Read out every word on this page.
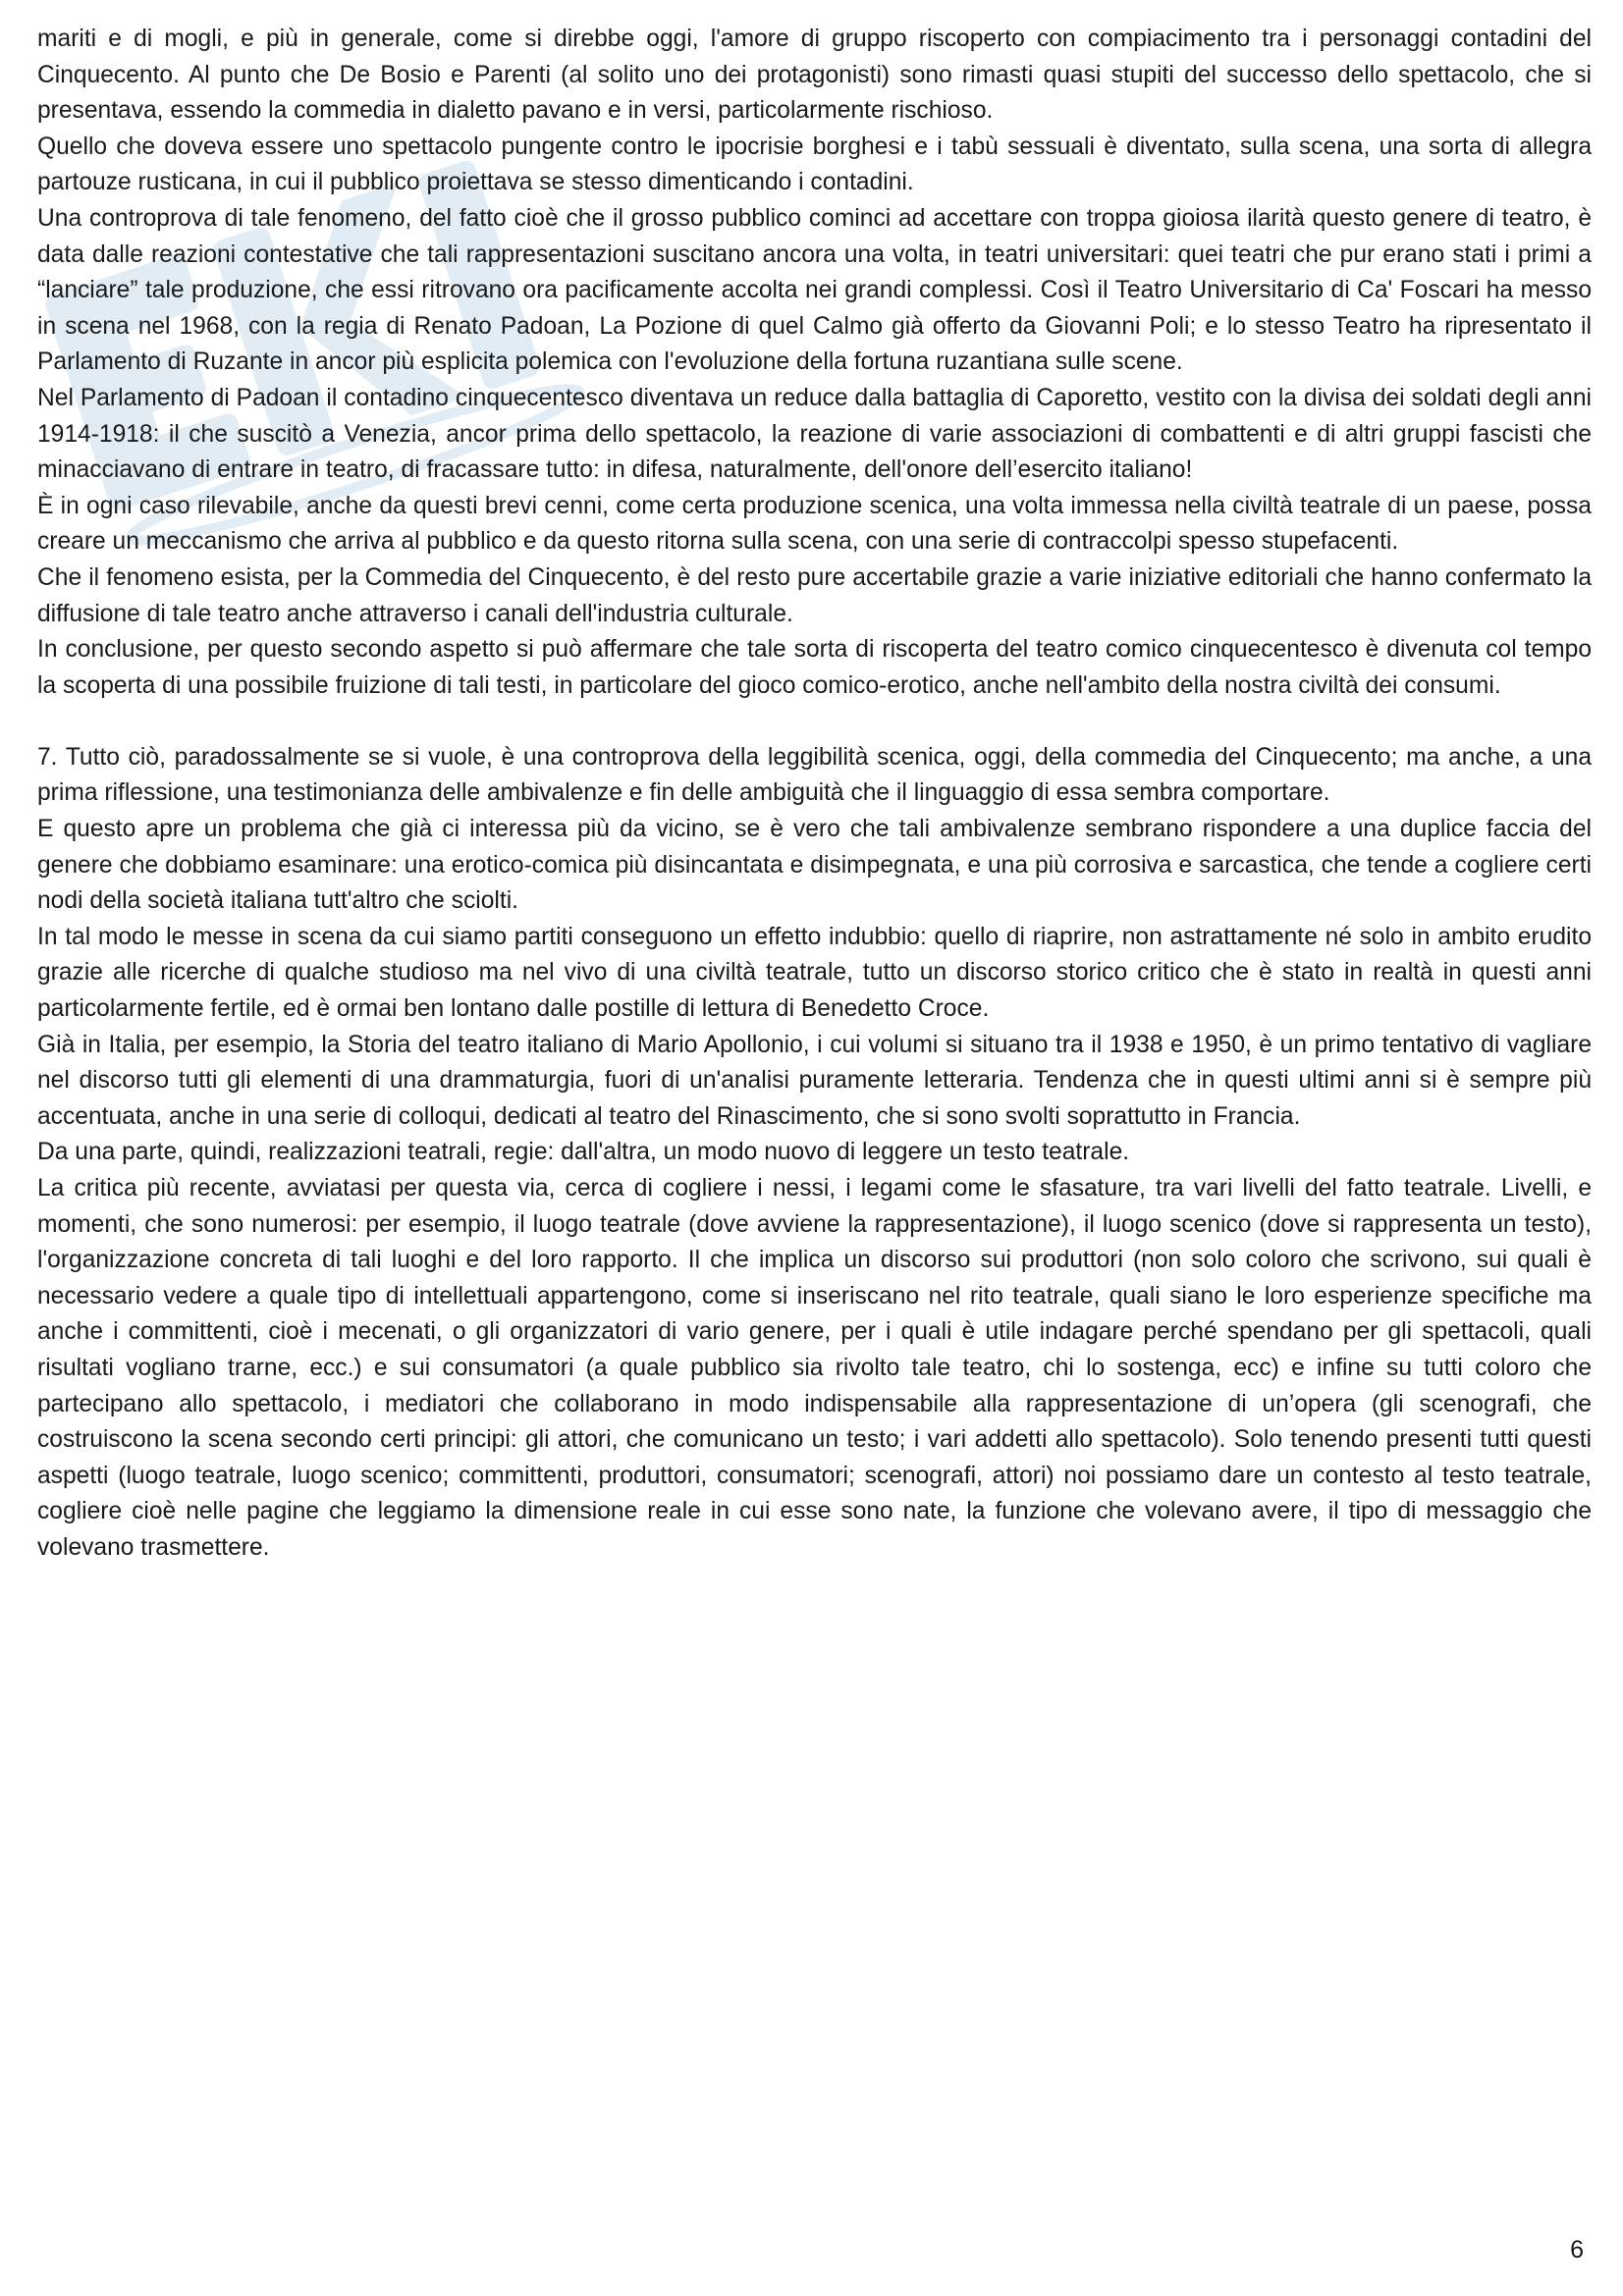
mariti e di mogli, e più in generale, come si direbbe oggi, l'amore di gruppo riscoperto con compiacimento tra i personaggi contadini del Cinquecento. Al punto che De Bosio e Parenti (al solito uno dei protagonisti) sono rimasti quasi stupiti del successo dello spettacolo, che si presentava, essendo la commedia in dialetto pavano e in versi, particolarmente rischioso.

Quello che doveva essere uno spettacolo pungente contro le ipocrisie borghesi e i tabù sessuali è diventato, sulla scena, una sorta di allegra partouze rusticana, in cui il pubblico proiettava se stesso dimenticando i contadini.

Una controprova di tale fenomeno, del fatto cioè che il grosso pubblico cominci ad accettare con troppa gioiosa ilarità questo genere di teatro, è data dalle reazioni contestative che tali rappresentazioni suscitano ancora una volta, in teatri universitari: quei teatri che pur erano stati i primi a “lanciare” tale produzione, che essi ritrovano ora pacificamente accolta nei grandi complessi. Così il Teatro Universitario di Ca' Foscari ha messo in scena nel 1968, con la regia di Renato Padoan, La Pozione di quel Calmo già offerto da Giovanni Poli; e lo stesso Teatro ha ripresentato il Parlamento di Ruzante in ancor più esplicita polemica con l'evoluzione della fortuna ruzantiana sulle scene.

Nel Parlamento di Padoan il contadino cinquecentesco diventava un reduce dalla battaglia di Caporetto, vestito con la divisa dei soldati degli anni 1914-1918: il che suscitò a Venezia, ancor prima dello spettacolo, la reazione di varie associazioni di combattenti e di altri gruppi fascisti che minacciavano di entrare in teatro, di fracassare tutto: in difesa, naturalmente, dell'onore dell’esercito italiano!

È in ogni caso rilevabile, anche da questi brevi cenni, come certa produzione scenica, una volta immessa nella civiltà teatrale di un paese, possa creare un meccanismo che arriva al pubblico e da questo ritorna sulla scena, con una serie di contraccolpi spesso stupefacenti.

Che il fenomeno esista, per la Commedia del Cinquecento, è del resto pure accertabile grazie a varie iniziative editoriali che hanno confermato la diffusione di tale teatro anche attraverso i canali dell'industria culturale.

In conclusione, per questo secondo aspetto si può affermare che tale sorta di riscoperta del teatro comico cinquecentesco è divenuta col tempo la scoperta di una possibile fruizione di tali testi, in particolare del gioco comico-erotico, anche nell'ambito della nostra civiltà dei consumi.

7. Tutto ciò, paradossalmente se si vuole, è una controprova della leggibilità scenica, oggi, della commedia del Cinquecento; ma anche, a una prima riflessione, una testimonianza delle ambivalenze e fin delle ambiguità che il linguaggio di essa sembra comportare.

E questo apre un problema che già ci interessa più da vicino, se è vero che tali ambivalenze sembrano rispondere a una duplice faccia del genere che dobbiamo esaminare: una erotico-comica più disincantata e disimpegnata, e una più corrosiva e sarcastica, che tende a cogliere certi nodi della società italiana tutt'altro che sciolti.

In tal modo le messe in scena da cui siamo partiti conseguono un effetto indubbio: quello di riaprire, non astrattamente né solo in ambito erudito grazie alle ricerche di qualche studioso ma nel vivo di una civiltà teatrale, tutto un discorso storico critico che è stato in realtà in questi anni particolarmente fertile, ed è ormai ben lontano dalle postille di lettura di Benedetto Croce.

Già in Italia, per esempio, la Storia del teatro italiano di Mario Apollonio, i cui volumi si situano tra il 1938 e 1950, è un primo tentativo di vagliare nel discorso tutti gli elementi di una drammaturgia, fuori di un'analisi puramente letteraria. Tendenza che in questi ultimi anni si è sempre più accentuata, anche in una serie di colloqui, dedicati al teatro del Rinascimento, che si sono svolti soprattutto in Francia.

Da una parte, quindi, realizzazioni teatrali, regie: dall'altra, un modo nuovo di leggere un testo teatrale.

La critica più recente, avviatasi per questa via, cerca di cogliere i nessi, i legami come le sfasature, tra vari livelli del fatto teatrale. Livelli, e momenti, che sono numerosi: per esempio, il luogo teatrale (dove avviene la rappresentazione), il luogo scenico (dove si rappresenta un testo), l'organizzazione concreta di tali luoghi e del loro rapporto. Il che implica un discorso sui produttori (non solo coloro che scrivono, sui quali è necessario vedere a quale tipo di intellettuali appartengono, come si inseriscano nel rito teatrale, quali siano le loro esperienze specifiche ma anche i committenti, cioè i mecenati, o gli organizzatori di vario genere, per i quali è utile indagare perché spendano per gli spettacoli, quali risultati vogliano trarne, ecc.) e sui consumatori (a quale pubblico sia rivolto tale teatro, chi lo sostenga, ecc) e infine su tutti coloro che partecipano allo spettacolo, i mediatori che collaborano in modo indispensabile alla rappresentazione di un’opera (gli scenografi, che costruiscono la scena secondo certi principi: gli attori, che comunicano un testo; i vari addetti allo spettacolo). Solo tenendo presenti tutti questi aspetti (luogo teatrale, luogo scenico; committenti, produttori, consumatori; scenografi, attori) noi possiamo dare un contesto al testo teatrale, cogliere cioè nelle pagine che leggiamo la dimensione reale in cui esse sono nate, la funzione che volevano avere, il tipo di messaggio che volevano trasmettere.

6
